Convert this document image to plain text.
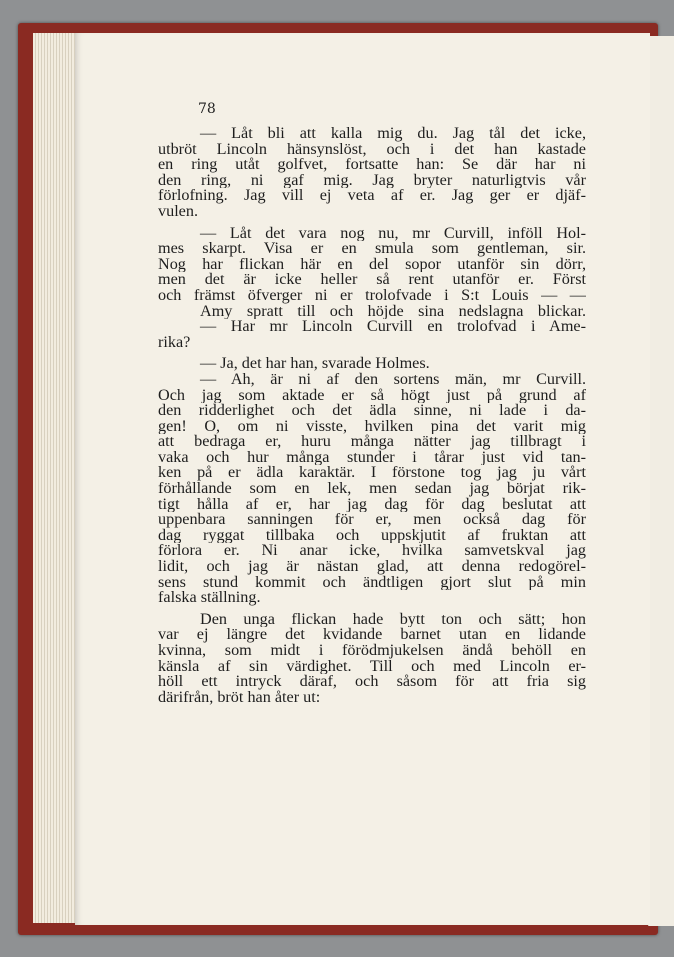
78

— Låt bli att kalla mig du. Jag tål det icke,
utbröt Lincoln hänsynslöst, och i det han kastade
en ring utåt golfvet, fortsatte han: Se där har ni
den ring, ni gaf mig. Jag bryter naturligtvis vår
förlofning. Jag vill ej veta af er. Jag ger er djäf-
vulen.

— Låt det vara nog nu, mr Curvill, inföll Hol-
mes skarpt. Visa er en smula som gentleman, sir.
Nog har flickan här en del sopor utanför sin dörr,
men det är icke heller så rent utanför er. Först
och främst öfverger ni er trolofvade i S:t Louis — —
Amy spratt till och höjde sina nedslagna blickar.
— Har mr Lincoln Curvill en trolofvad i Ame-
rika?

— Ja, det har han, svarade Holmes.
— Ah, är ni af den sortens män, mr Curvill.
Och jag som aktade er så högt just på grund af
den ridderlighet och det ädla sinne, ni lade i da-
gen! O, om ni visste, hvilken pina det varit mig
att bedraga er, huru många nätter jag tillbragt i
vaka och hur många stunder i tårar just vid tan-
ken på er ädla karaktär. I förstone tog jag ju vårt
förhållande som en lek, men sedan jag börjat rik-
tigt hålla af er, har jag dag för dag beslutat att
uppenbara sanningen för er, men också dag för
dag ryggat tillbaka och uppskjutit af fruktan att
förlora er. Ni anar icke, hvilka samvetskval jag
lidit, och jag är nästan glad, att denna redogörel-
sens stund kommit och ändtligen gjort slut på min
falska ställning.

Den unga flickan hade bytt ton och sätt; hon
var ej längre det kvidande barnet utan en lidande
kvinna, som midt i förödmjukelsen ändå behöll en
känsla af sin värdighet. Till och med Lincoln er-
höll ett intryck däraf, och såsom för att fria sig
därifrån, bröt han åter ut:
